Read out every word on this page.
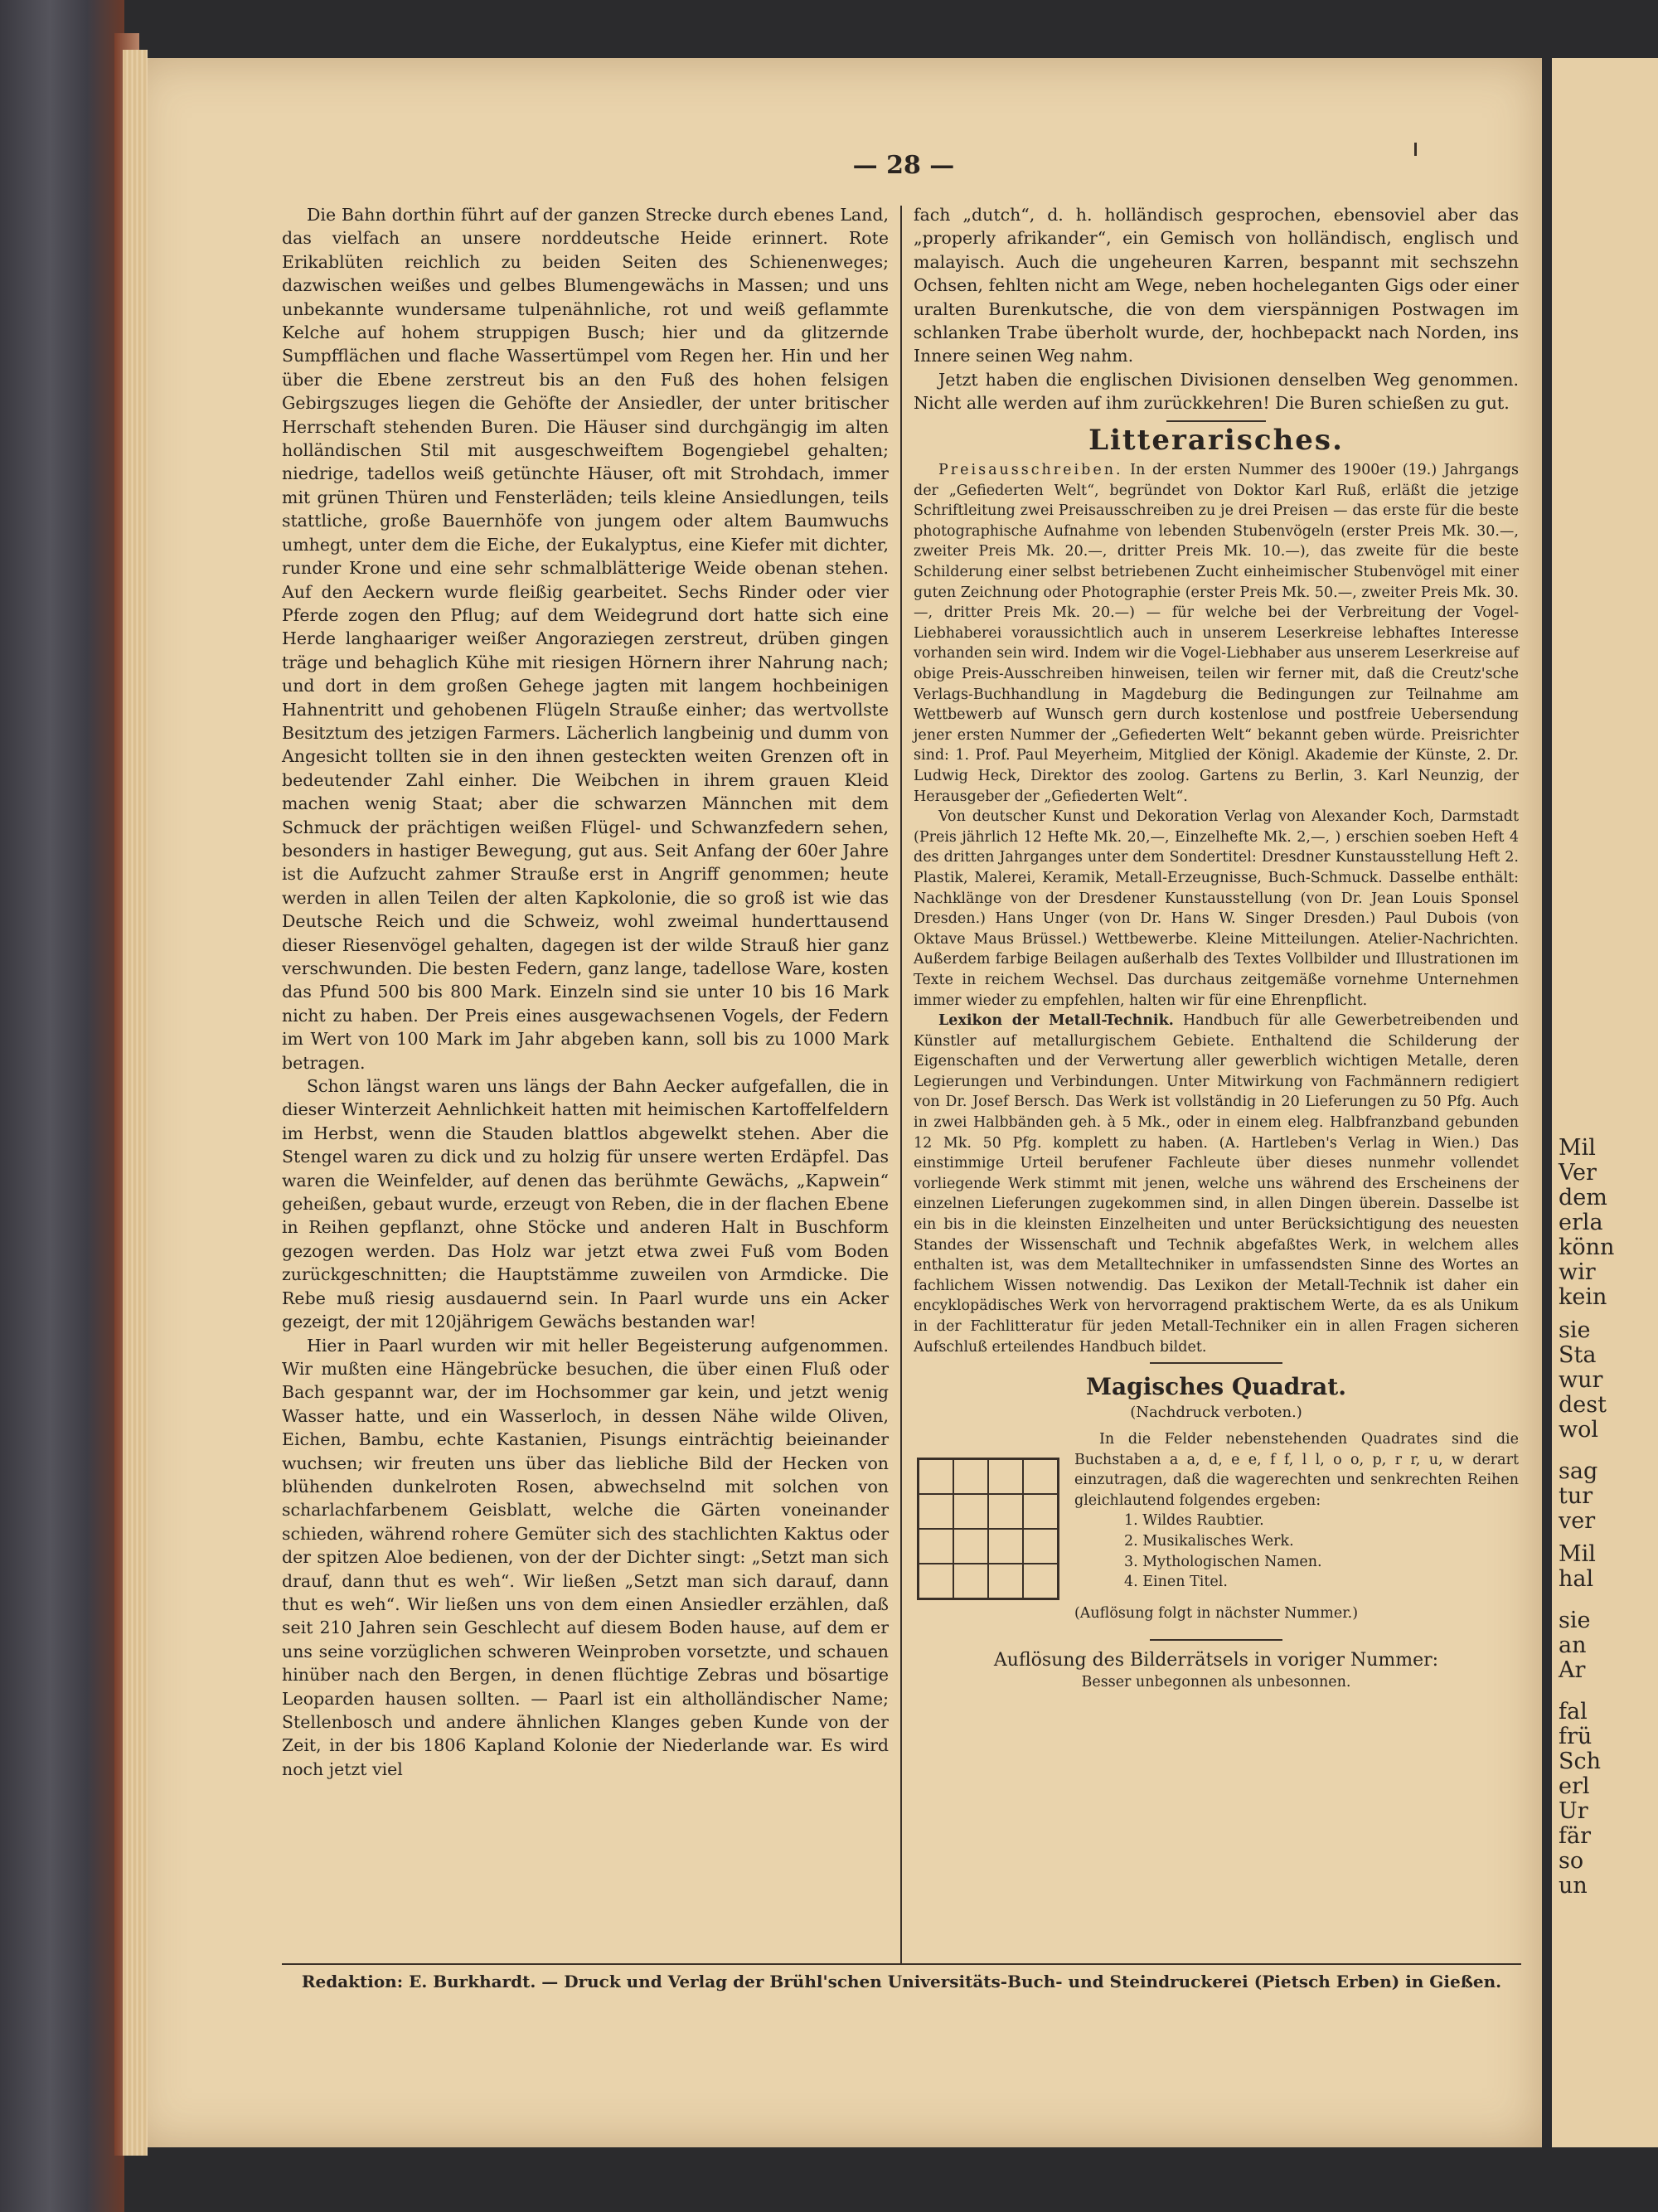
Mil
Ver
dem
erla
könn
wir
kein
sie
Sta
wur
dest
wol
sag
tur
ver
Mil
hal
sie
an
Ar
fal
frü
Sch
erl
Ur
fär
so
un
— 28 —

Die Bahn dorthin führt auf der ganzen Strecke durch ebenes Land, das vielfach an unsere norddeutsche Heide erinnert. Rote Erikablüten reichlich zu beiden Seiten des Schienenweges; dazwischen weißes und gelbes Blumengewächs in Massen; und uns unbekannte wundersame tulpenähnliche, rot und weiß geflammte Kelche auf hohem struppigen Busch; hier und da glitzernde Sumpfflächen und flache Wassertümpel vom Regen her. Hin und her über die Ebene zerstreut bis an den Fuß des hohen felsigen Gebirgszuges liegen die Gehöfte der Ansiedler, der unter britischer Herrschaft stehenden Buren. Die Häuser sind durchgängig im alten holländischen Stil mit ausgeschweiftem Bogengiebel gehalten; niedrige, tadellos weiß getünchte Häuser, oft mit Strohdach, immer mit grünen Thüren und Fensterläden; teils kleine Ansiedlungen, teils stattliche, große Bauernhöfe von jungem oder altem Baumwuchs umhegt, unter dem die Eiche, der Eukalyptus, eine Kiefer mit dichter, runder Krone und eine sehr schmalblätterige Weide obenan stehen. Auf den Aeckern wurde fleißig gearbeitet. Sechs Rinder oder vier Pferde zogen den Pflug; auf dem Weidegrund dort hatte sich eine Herde langhaariger weißer Angoraziegen zerstreut, drüben gingen träge und behaglich Kühe mit riesigen Hörnern ihrer Nahrung nach; und dort in dem großen Gehege jagten mit langem hochbeinigen Hahnentritt und gehobenen Flügeln Strauße einher; das wertvollste Besitztum des jetzigen Farmers. Lächerlich langbeinig und dumm von Angesicht tollten sie in den ihnen gesteckten weiten Grenzen oft in bedeutender Zahl einher. Die Weibchen in ihrem grauen Kleid machen wenig Staat; aber die schwarzen Männchen mit dem Schmuck der prächtigen weißen Flügel- und Schwanzfedern sehen, besonders in hastiger Bewegung, gut aus. Seit Anfang der 60er Jahre ist die Aufzucht zahmer Strauße erst in Angriff genommen; heute werden in allen Teilen der alten Kapkolonie, die so groß ist wie das Deutsche Reich und die Schweiz, wohl zweimal hunderttausend dieser Riesenvögel gehalten, dagegen ist der wilde Strauß hier ganz verschwunden. Die besten Federn, ganz lange, tadellose Ware, kosten das Pfund 500 bis 800 Mark. Einzeln sind sie unter 10 bis 16 Mark nicht zu haben. Der Preis eines ausgewachsenen Vogels, der Federn im Wert von 100 Mark im Jahr abgeben kann, soll bis zu 1000 Mark betragen.

Schon längst waren uns längs der Bahn Aecker aufgefallen, die in dieser Winterzeit Aehnlichkeit hatten mit heimischen Kartoffelfeldern im Herbst, wenn die Stauden blattlos abgewelkt stehen. Aber die Stengel waren zu dick und zu holzig für unsere werten Erdäpfel. Das waren die Weinfelder, auf denen das berühmte Gewächs, „Kapwein“ geheißen, gebaut wurde, erzeugt von Reben, die in der flachen Ebene in Reihen gepflanzt, ohne Stöcke und anderen Halt in Buschform gezogen werden. Das Holz war jetzt etwa zwei Fuß vom Boden zurückgeschnitten; die Hauptstämme zuweilen von Armdicke. Die Rebe muß riesig ausdauernd sein. In Paarl wurde uns ein Acker gezeigt, der mit 120jährigem Gewächs bestanden war!

Hier in Paarl wurden wir mit heller Begeisterung aufgenommen. Wir mußten eine Hängebrücke besuchen, die über einen Fluß oder Bach gespannt war, der im Hochsommer gar kein, und jetzt wenig Wasser hatte, und ein Wasserloch, in dessen Nähe wilde Oliven, Eichen, Bambu, echte Kastanien, Pisungs einträchtig beieinander wuchsen; wir freuten uns über das liebliche Bild der Hecken von blühenden dunkelroten Rosen, abwechselnd mit solchen von scharlachfarbenem Geisblatt, welche die Gärten voneinander schieden, während rohere Gemüter sich des stachlichten Kaktus oder der spitzen Aloe bedienen, von der der Dichter singt: „Setzt man sich drauf, dann thut es weh“. Wir ließen „Setzt man sich darauf, dann thut es weh“. Wir ließen uns von dem einen Ansiedler erzählen, daß seit 210 Jahren sein Geschlecht auf diesem Boden hause, auf dem er uns seine vorzüglichen schweren Weinproben vorsetzte, und schauen hinüber nach den Bergen, in denen flüchtige Zebras und bösartige Leoparden hausen sollten. — Paarl ist ein altholländischer Name; Stellenbosch und andere ähnlichen Klanges geben Kunde von der Zeit, in der bis 1806 Kapland Kolonie der Niederlande war. Es wird noch jetzt viel

fach „dutch“, d. h. holländisch gesprochen, ebensoviel aber das „properly afrikander“, ein Gemisch von holländisch, englisch und malayisch. Auch die ungeheuren Karren, bespannt mit sechszehn Ochsen, fehlten nicht am Wege, neben hocheleganten Gigs oder einer uralten Burenkutsche, die von dem vierspännigen Postwagen im schlanken Trabe überholt wurde, der, hochbepackt nach Norden, ins Innere seinen Weg nahm.

Jetzt haben die englischen Divisionen denselben Weg genommen. Nicht alle werden auf ihm zurückkehren! Die Buren schießen zu gut.

Litterarisches.

Preisausschreiben. In der ersten Nummer des 1900er (19.) Jahrgangs der „Gefiederten Welt“, begründet von Doktor Karl Ruß, erläßt die jetzige Schriftleitung zwei Preisausschreiben zu je drei Preisen — das erste für die beste photographische Aufnahme von lebenden Stubenvögeln (erster Preis Mk. 30.—, zweiter Preis Mk. 20.—, dritter Preis Mk. 10.—), das zweite für die beste Schilderung einer selbst betriebenen Zucht einheimischer Stubenvögel mit einer guten Zeichnung oder Photographie (erster Preis Mk. 50.—, zweiter Preis Mk. 30.—, dritter Preis Mk. 20.—) — für welche bei der Verbreitung der Vogel-Liebhaberei voraussichtlich auch in unserem Leserkreise lebhaftes Interesse vorhanden sein wird. Indem wir die Vogel-Liebhaber aus unserem Leserkreise auf obige Preis-Ausschreiben hinweisen, teilen wir ferner mit, daß die Creutz'sche Verlags-Buchhandlung in Magdeburg die Bedingungen zur Teilnahme am Wettbewerb auf Wunsch gern durch kostenlose und postfreie Uebersendung jener ersten Nummer der „Gefiederten Welt“ bekannt geben würde. Preisrichter sind: 1. Prof. Paul Meyerheim, Mitglied der Königl. Akademie der Künste, 2. Dr. Ludwig Heck, Direktor des zoolog. Gartens zu Berlin, 3. Karl Neunzig, der Herausgeber der „Gefiederten Welt“.

Von deutscher Kunst und Dekoration Verlag von Alexander Koch, Darmstadt (Preis jährlich 12 Hefte Mk. 20,—, Einzelhefte Mk. 2,—, ) erschien soeben Heft 4 des dritten Jahrganges unter dem Sondertitel: Dresdner Kunstausstellung Heft 2. Plastik, Malerei, Keramik, Metall-Erzeugnisse, Buch-Schmuck. Dasselbe enthält: Nachklänge von der Dresdener Kunstausstellung (von Dr. Jean Louis Sponsel Dresden.) Hans Unger (von Dr. Hans W. Singer Dresden.) Paul Dubois (von Oktave Maus Brüssel.) Wettbewerbe. Kleine Mitteilungen. Atelier-Nachrichten. Außerdem farbige Beilagen außerhalb des Textes Vollbilder und Illustrationen im Texte in reichem Wechsel. Das durchaus zeitgemäße vornehme Unternehmen immer wieder zu empfehlen, halten wir für eine Ehrenpflicht.

Lexikon der Metall-Technik. Handbuch für alle Gewerbetreibenden und Künstler auf metallurgischem Gebiete. Enthaltend die Schilderung der Eigenschaften und der Verwertung aller gewerblich wichtigen Metalle, deren Legierungen und Verbindungen. Unter Mitwirkung von Fachmännern redigiert von Dr. Josef Bersch. Das Werk ist vollständig in 20 Lieferungen zu 50 Pfg. Auch in zwei Halbbänden geh. à 5 Mk., oder in einem eleg. Halbfranzband gebunden 12 Mk. 50 Pfg. komplett zu haben. (A. Hartleben's Verlag in Wien.) Das einstimmige Urteil berufener Fachleute über dieses nunmehr vollendet vorliegende Werk stimmt mit jenen, welche uns während des Erscheinens der einzelnen Lieferungen zugekommen sind, in allen Dingen überein. Dasselbe ist ein bis in die kleinsten Einzelheiten und unter Berücksichtigung des neuesten Standes der Wissenschaft und Technik abgefaßtes Werk, in welchem alles enthalten ist, was dem Metalltechniker in umfassendsten Sinne des Wortes an fachlichem Wissen notwendig. Das Lexikon der Metall-Technik ist daher ein encyklopädisches Werk von hervorragend praktischem Werte, da es als Unikum in der Fachlitteratur für jeden Metall-Techniker ein in allen Fragen sicheren Aufschluß erteilendes Handbuch bildet.

Magisches Quadrat.
(Nachdruck verboten.)

In die Felder nebenstehenden Quadrates sind die Buchstaben a a, d, e e, f f, l l, o o, p, r r, u, w derart einzutragen, daß die wagerechten und senkrechten Reihen gleichlautend folgendes ergeben:

1. Wildes Raubtier.
2. Musikalisches Werk.
3. Mythologischen Namen.
4. Einen Titel.

(Auflösung folgt in nächster Nummer.)

Auflösung des Bilderrätsels in voriger Nummer:

Besser unbegonnen als unbesonnen.

Redaktion: E. Burkhardt. — Druck und Verlag der Brühl'schen Universitäts-Buch- und Steindruckerei (Pietsch Erben) in Gießen.
